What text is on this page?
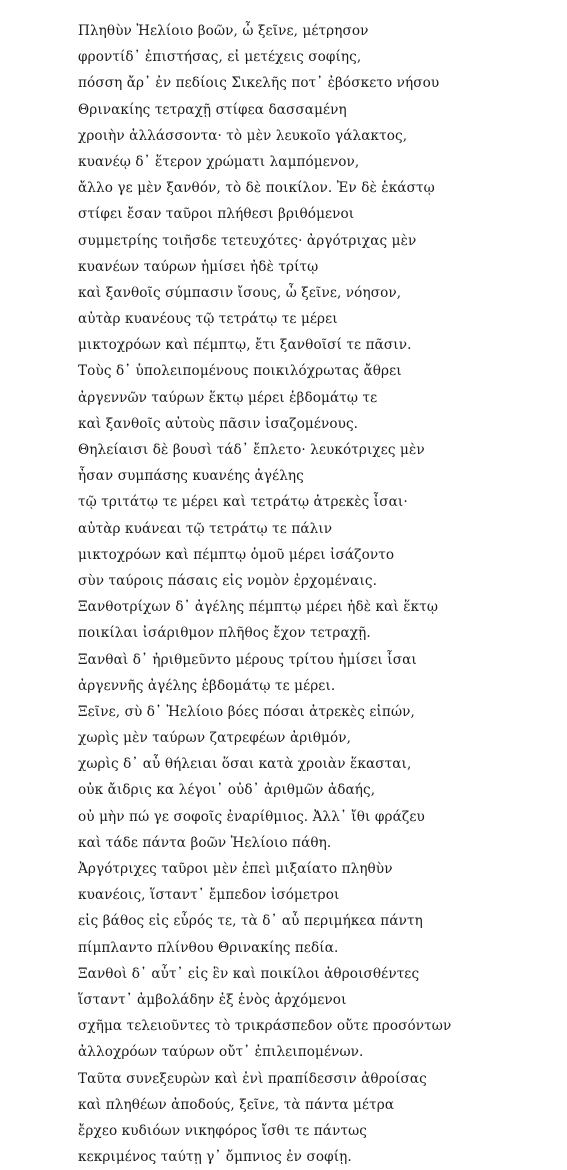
Πληθὺν Ἠελίοιο βοῶν, ὦ ξεῖνε, μέτρησον
φροντίδ᾽ ἐπιστήσας, εἰ μετέχεις σοφίης,
πόσση ἄρ᾽ ἐν πεδίοις Σικελῆς ποτ᾽ ἐβόσκετο νήσου
Θρινακίης τετραχῇ στίφεα δασσαμένη
χροιὴν ἀλλάσσοντα· τὸ μὲν λευκοῖο γάλακτος,
κυανέῳ δ᾽ ἕτερον χρώματι λαμπόμενον,
ἄλλο γε μὲν ξανθόν, τὸ δὲ ποικίλον. Ἐν δὲ ἑκάστῳ
στίφει ἔσαν ταῦροι πλήθεσι βριθόμενοι
συμμετρίης τοιῆσδε τετευχότες· ἀργότριχας μὲν
κυανέων ταύρων ἡμίσει ἠδὲ τρίτῳ
καὶ ξανθοῖς σύμπασιν ἴσους, ὦ ξεῖνε, νόησον,
αὐτὰρ κυανέους τῷ τετράτῳ τε μέρει
μικτοχρόων καὶ πέμπτῳ, ἔτι ξανθοῖσί τε πᾶσιν.
Τοὺς δ᾽ ὑπολειπομένους ποικιλόχρωτας ἄθρει
ἀργεννῶν ταύρων ἕκτῳ μέρει ἑβδομάτῳ τε
καὶ ξανθοῖς αὐτοὺς πᾶσιν ἰσαζομένους.
Θηλείαισι δὲ βουσὶ τάδ᾽ ἔπλετο· λευκότριχες μὲν
ἦσαν συμπάσης κυανέης ἀγέλης
τῷ τριτάτῳ τε μέρει καὶ τετράτῳ ἀτρεκὲς ἶσαι·
αὐτὰρ κυάνεαι τῷ τετράτῳ τε πάλιν
μικτοχρόων καὶ πέμπτῳ ὁμοῦ μέρει ἰσάζοντο
σὺν ταύροις πάσαις εἰς νομὸν ἐρχομέναις.
Ξανθοτρίχων δ᾽ ἀγέλης πέμπτῳ μέρει ἠδὲ καὶ ἕκτῳ
ποικίλαι ἰσάριθμον πλῆθος ἔχον τετραχῇ.
Ξανθαὶ δ᾽ ἠριθμεῦντο μέρους τρίτου ἡμίσει ἶσαι
ἀργεννῆς ἀγέλης ἑβδομάτῳ τε μέρει.
Ξεῖνε, σὺ δ᾽ Ἠελίοιο βόες πόσαι ἀτρεκὲς εἰπών,
χωρὶς μὲν ταύρων ζατρεφέων ἀριθμόν,
χωρὶς δ᾽ αὖ θήλειαι ὅσαι κατὰ χροιὰν ἕκασται,
οὐκ ἄιδρις κα λέγοι᾽ οὐδ᾽ ἀριθμῶν ἀδαής,
οὐ μὴν πώ γε σοφοῖς ἐναρίθμιος. Ἀλλ᾽ ἴθι φράζευ
καὶ τάδε πάντα βοῶν Ἠελίοιο πάθη.
Ἀργότριχες ταῦροι μὲν ἐπεὶ μιξαίατο πληθὺν
κυανέοις, ἵσταντ᾽ ἔμπεδον ἰσόμετροι
εἰς βάθος εἰς εὖρός τε, τὰ δ᾽ αὖ περιμήκεα πάντη
πίμπλαντο πλίνθου Θρινακίης πεδία.
Ξανθοὶ δ᾽ αὖτ᾽ εἰς ἓν καὶ ποικίλοι ἀθροισθέντες
ἵσταντ᾽ ἀμβολάδην ἐξ ἑνὸς ἀρχόμενοι
σχῆμα τελειοῦντες τὸ τρικράσπεδον οὔτε προσόντων
ἀλλοχρόων ταύρων οὔτ᾽ ἐπιλειπομένων.
Ταῦτα συνεξευρὼν καὶ ἐνὶ πραπίδεσσιν ἀθροίσας
καὶ πληθέων ἀποδούς, ξεῖνε, τὰ πάντα μέτρα
ἔρχεο κυδιόων νικηφόρος ἴσθι τε πάντως
κεκριμένος ταύτῃ γ᾽ ὄμπνιος ἐν σοφίῃ.
